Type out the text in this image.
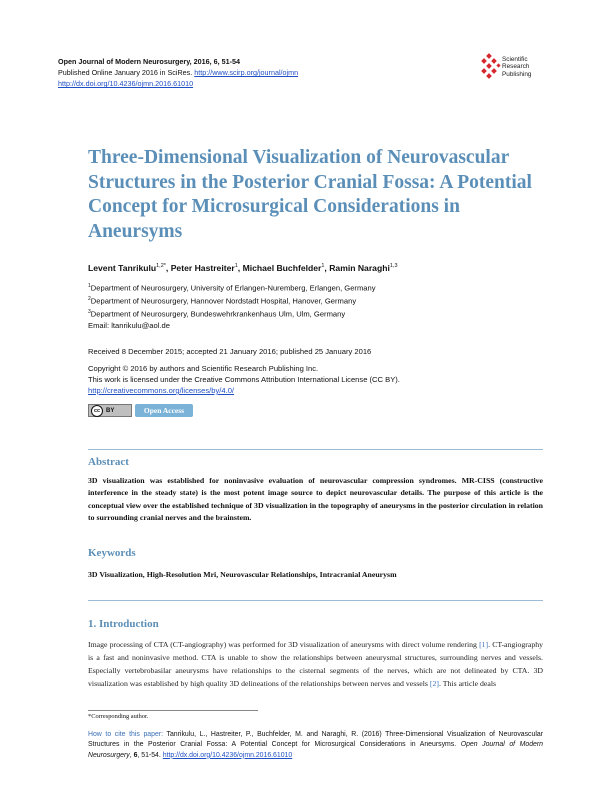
Open Journal of Modern Neurosurgery, 2016, 6, 51-54
Published Online January 2016 in SciRes. http://www.scirp.org/journal/ojmn
http://dx.doi.org/10.4236/ojmn.2016.61010
Scientific
Research
Publishing
Three-Dimensional Visualization of Neurovascular Structures in the Posterior Cranial Fossa: A Potential Concept for Microsurgical Considerations in Aneursyms
Levent Tanrikulu$^{1,2*}$, Peter Hastreiter$^1$, Michael Buchfelder$^1$, Ramin Naraghi$^{1,3}$
$^1$Department of Neurosurgery, University of Erlangen-Nuremberg, Erlangen, Germany
$^2$Department of Neurosurgery, Hannover Nordstadt Hospital, Hanover, Germany
$^3$Department of Neurosurgery, Bundeswehrkrankenhaus Ulm, Ulm, Germany
Email: ltanrikulu@aol.de
Received 8 December 2015; accepted 21 January 2016; published 25 January 2016
Copyright © 2016 by authors and Scientific Research Publishing Inc.
This work is licensed under the Creative Commons Attribution International License (CC BY).
http://creativecommons.org/licenses/by/4.0/
cc BY	Open Access
Abstract
3D visualization was established for noninvasive evaluation of neurovascular compression syndromes. MR-CISS (constructive interference in the steady state) is the most potent image source to depict neurovascular details. The purpose of this article is the conceptual view over the established technique of 3D visualization in the topography of aneurysms in the posterior circulation in relation to surrounding cranial nerves and the brainstem.
Keywords
3D Visualization, High-Resolution Mri, Neurovascular Relationships, Intracranial Aneurysm
1. Introduction
Image processing of CTA (CT-angiography) was performed for 3D visualization of aneurysms with direct volume rendering [1]. CT-angiography is a fast and noninvasive method. CTA is unable to show the relationships between aneurysmal structures, surrounding nerves and vessels. Especially vertebrobasilar aneurysms have relationships to the cisternal segments of the nerves, which are not delineated by CTA. 3D visualization was established by high quality 3D delineations of the relationships between nerves and vessels [2]. This article deals
*Corresponding author.
How to cite this paper: Tanrikulu, L., Hastreiter, P., Buchfelder, M. and Naraghi, R. (2016) Three-Dimensional Visualization of Neurovascular Structures in the Posterior Cranial Fossa: A Potential Concept for Microsurgical Considerations in Aneursyms. Open Journal of Modern Neurosurgery, 6, 51-54. http://dx.doi.org/10.4236/ojmn.2016.61010
